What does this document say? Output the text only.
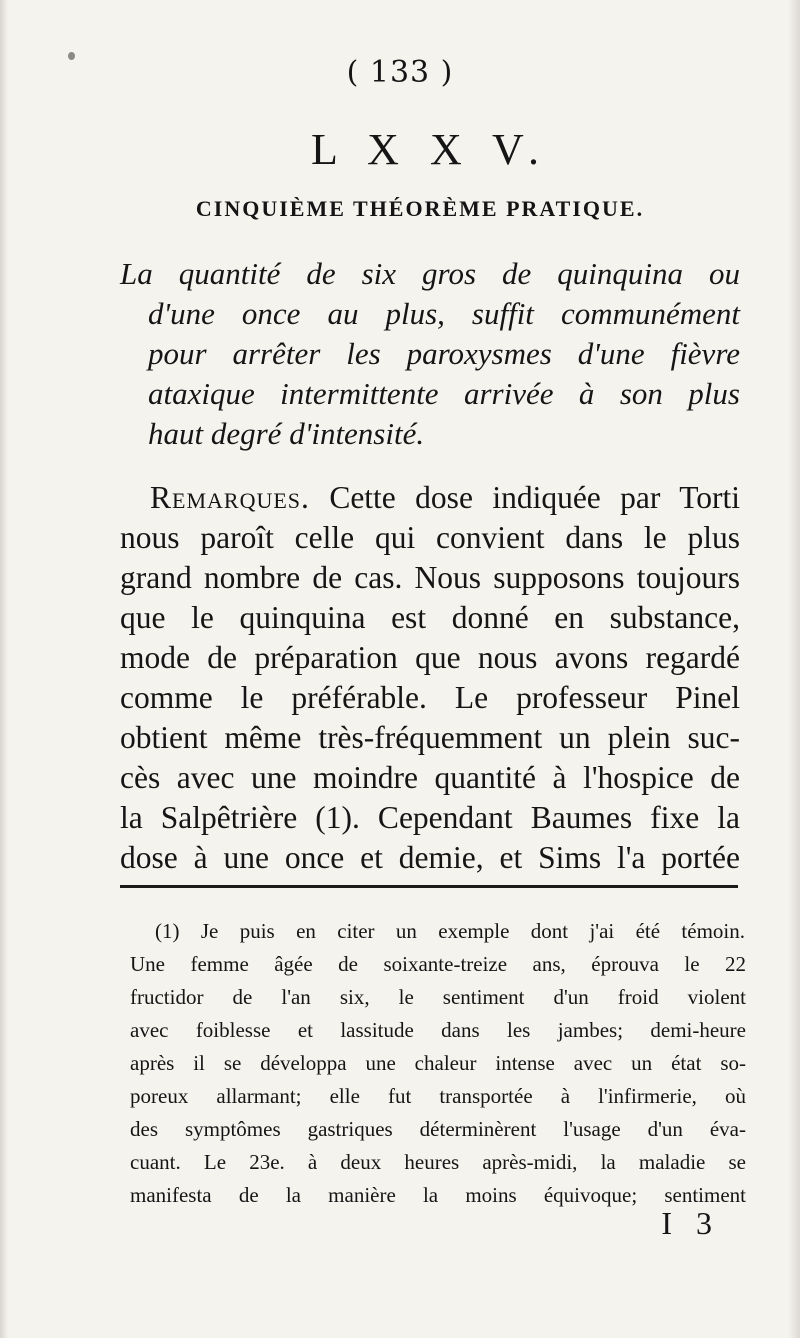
( 133 )
L X X V.
CINQUIÈME THÉORÈME PRATIQUE.
La quantité de six gros de quinquina ou
d'une once au plus, suffit communément
pour arrêter les paroxysmes d'une fièvre
ataxique intermittente arrivée à son plus
haut degré d'intensité.
Remarques. Cette dose indiquée par Torti
nous paroît celle qui convient dans le plus
grand nombre de cas. Nous supposons toujours
que le quinquina est donné en substance,
mode de préparation que nous avons regardé
comme le préférable. Le professeur Pinel
obtient même très-fréquemment un plein suc-
cès avec une moindre quantité à l'hospice de
la Salpêtrière (1). Cependant Baumes fixe la
dose à une once et demie, et Sims l'a portée
(1) Je puis en citer un exemple dont j'ai été témoin.
Une femme âgée de soixante-treize ans, éprouva le 22
fructidor de l'an six, le sentiment d'un froid violent
avec foiblesse et lassitude dans les jambes; demi-heure
après il se développa une chaleur intense avec un état so-
poreux allarmant; elle fut transportée à l'infirmerie, où
des symptômes gastriques déterminèrent l'usage d'un éva-
cuant. Le 23e. à deux heures après-midi, la maladie se
manifesta de la manière la moins équivoque; sentiment
I 3
